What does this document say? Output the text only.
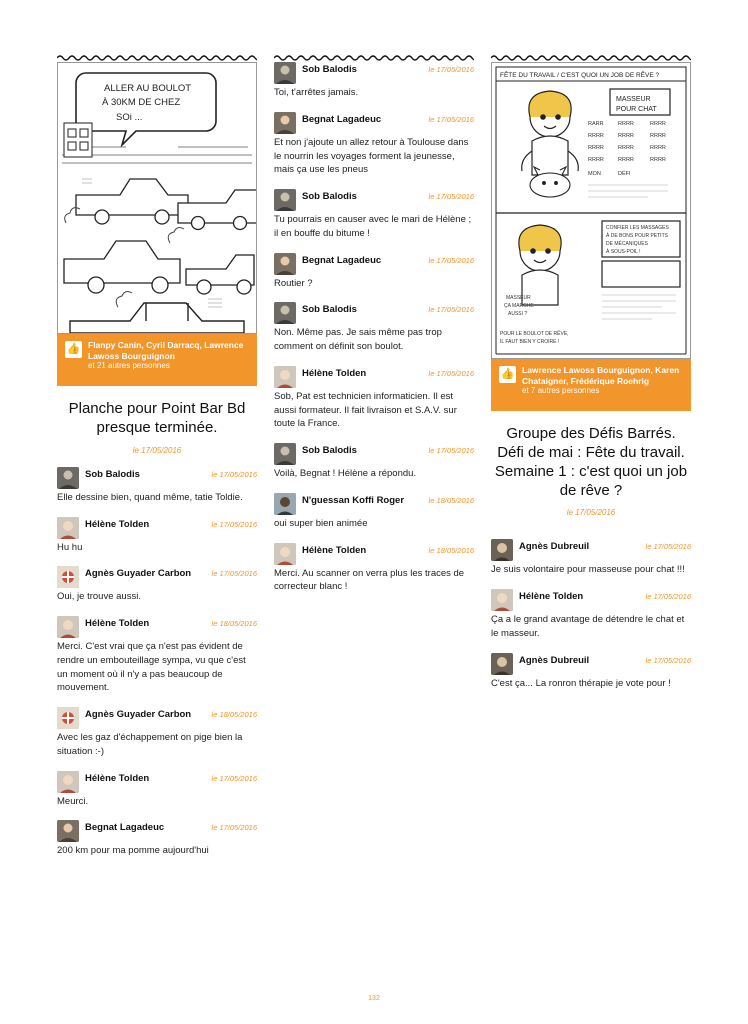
ALLER AU BOULOT
À 30KM DE CHEZ
SOi ...
👍 Flanpy Canin, Cyril Darracq, Lawrence Lawoss Bourguignon
et 21 autres personnes
Planche pour Point Bar Bd presque terminée.
le 17/05/2016
Sob Balodis	le 17/05/2016
Elle dessine bien, quand même, tatie Toldie.
Hélène Tolden	le 17/05/2016
Hu hu
Agnès Guyader Carbon	le 17/05/2016
Oui, je trouve aussi.
Hélène Tolden	le 18/05/2016
Merci. C'est vrai que ça n'est pas évident de rendre un embouteillage sympa, vu que c'est un moment où il n'y a pas beaucoup de mouvement.
Agnès Guyader Carbon	le 18/05/2016
Avec les gaz d'échappement on pige bien la situation :-)
Hélène Tolden	le 17/05/2016
Meurci.
Begnat Lagadeuc	le 17/05/2016
200 km pour ma pomme aujourd'hui
Sob Balodis	le 17/05/2016
Toi, t'arrêtes jamais.
Begnat Lagadeuc	le 17/05/2016
Et non j'ajoute un allez retour à Toulouse dans le nourrin les voyages forment la jeunesse, mais ça use les pneus
Sob Balodis	le 17/05/2016
Tu pourrais en causer avec le mari de Hélène ; il en bouffe du bitume !
Begnat Lagadeuc	le 17/05/2016
Routier ?
Sob Balodis	le 17/05/2016
Non. Même pas. Je sais même pas trop comment on définit son boulot.
Hélène Tolden	le 17/05/2016
Sob, Pat est technicien informaticien. Il est aussi formateur. Il fait livraison et S.A.V. sur toute la France.
Sob Balodis	le 17/05/2016
Voilà, Begnat ! Hélène a répondu.
N'guessan Koffi Roger	le 18/05/2016
oui super bien animée
Hélène Tolden	le 18/05/2016
Merci. Au scanner on verra plus les traces de correcteur blanc !
FÊTE DU TRAVAIL / C'EST QUOI UN JOB DE RÊVE ?
MASSEUR
POUR CHAT
RARR	RRRR	RRRR
RRRR	RRRR	RRRR
RRRR	RRRR	RRRR
RRRR	RRRR	RRRR
MON	DÉFI
CONFIER LES MASSAGES
À DE BONS POUR PETITS
DE MÉCANIQUES
À SOUS-POIL !
MASSEUR
ÇA MARCHE
AUSSI ?
POUR LE BOULOT DE RÊVE,
IL FAUT BIEN Y CROIRE !
👍 Lawrence Lawoss Bourguignon, Karen Chataigner, Frédérique Roehrig
et 7 autres personnes
Groupe des Défis Barrés. Défi de mai : Fête du travail. Semaine 1 : c'est quoi un job de rêve ?
le 17/05/2016
Agnès Dubreuil	le 17/05/2016
Je suis volontaire pour masseuse pour chat !!!
Hélène Tolden	le 17/05/2016
Ça a le grand avantage de détendre le chat et le masseur.
Agnès Dubreuil	le 17/05/2016
C'est ça... La ronron thérapie je vote pour !
132
